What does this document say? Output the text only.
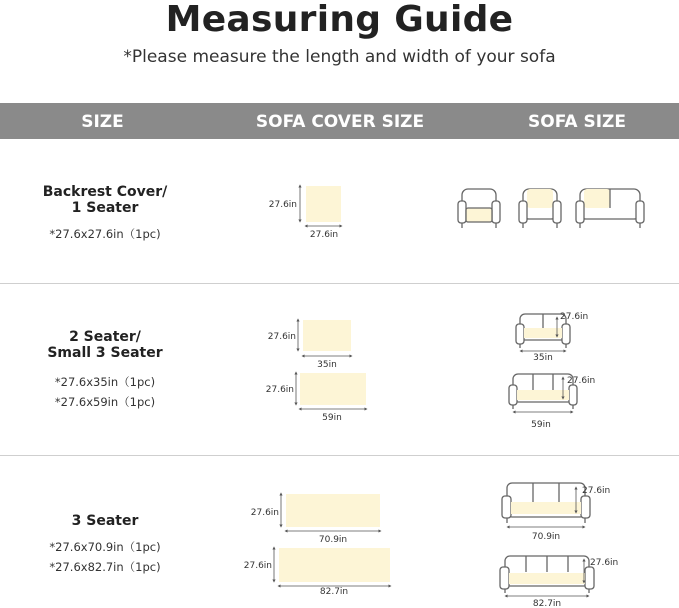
Measuring Guide
*Please measure the length and width of your sofa
SIZE	SOFA COVER SIZE	SOFA SIZE
Backrest Cover/
1 Seater
*27.6x27.6in（1pc)
2 Seater/
Small 3 Seater
*27.6x35in（1pc)
*27.6x59in（1pc)
3 Seater
*27.6x70.9in（1pc)
*27.6x82.7in（1pc)
27.6in
27.6in
27.6in
35in
27.6in
59in
27.6in
35in
27.6in
59in
27.6in
70.9in
27.6in
82.7in
27.6in
70.9in
27.6in
82.7in
